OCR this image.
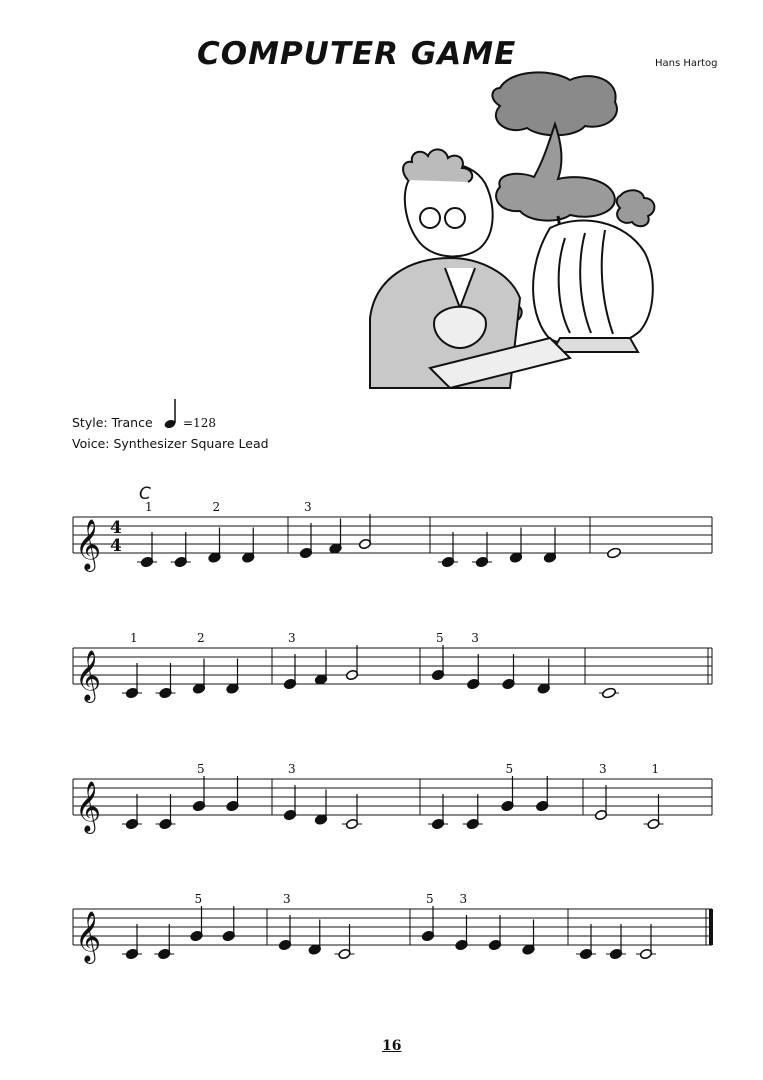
COMPUTER GAME	Hans Hartog
Style: Trance	=128
Voice: Synthesizer Square Lead
C
𝄞 4
4
1	2	3
𝄞
1	2	3	5 3
𝄞
5	3	5	3	1
𝄞
5	3	5 3
16
